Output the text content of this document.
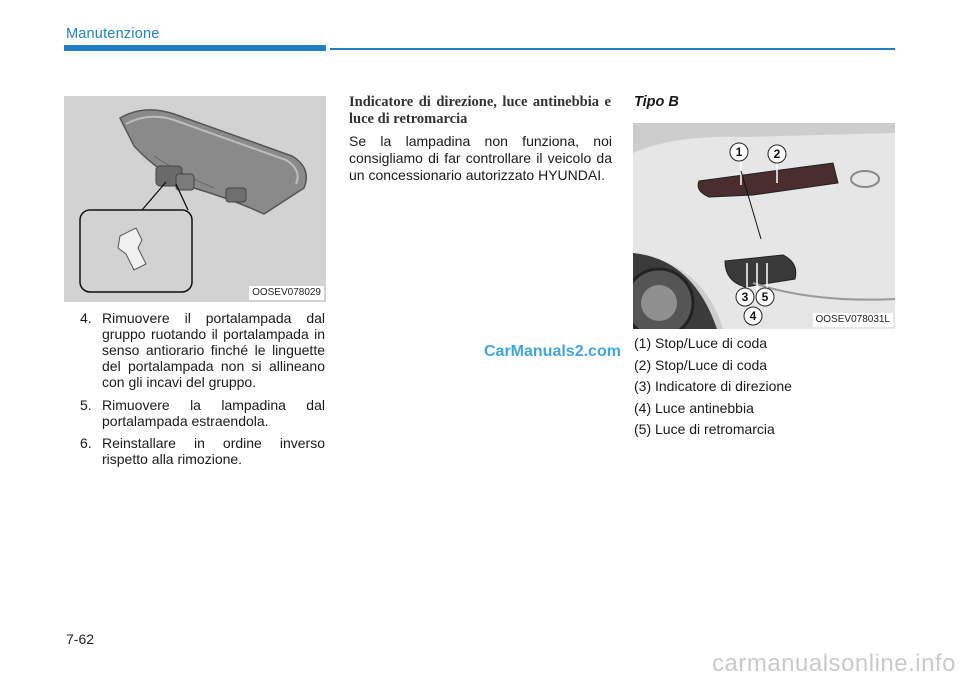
Manutenzione
OOSEV078029
4. Rimuovere il portalampada dal gruppo ruotando il portalampada in senso antiorario finché le linguette del portalampada non si allineano con gli incavi del gruppo.
5. Rimuovere la lampadina dal portalampada estraendola.
6. Reinstallare in ordine inverso rispetto alla rimozione.
Indicatore di direzione, luce antinebbia e luce di retromarcia
Se la lampadina non funziona, noi consigliamo di far controllare il veicolo da un concessionario autorizzato HYUNDAI.
Tipo B
1	2
3
4
5
OOSEV078031L
(1) Stop/Luce di coda
(2) Stop/Luce di coda
(3) Indicatore di direzione
(4) Luce antinebbia
(5) Luce di retromarcia
CarManuals2.com
7-62
carmanualsonline.info
